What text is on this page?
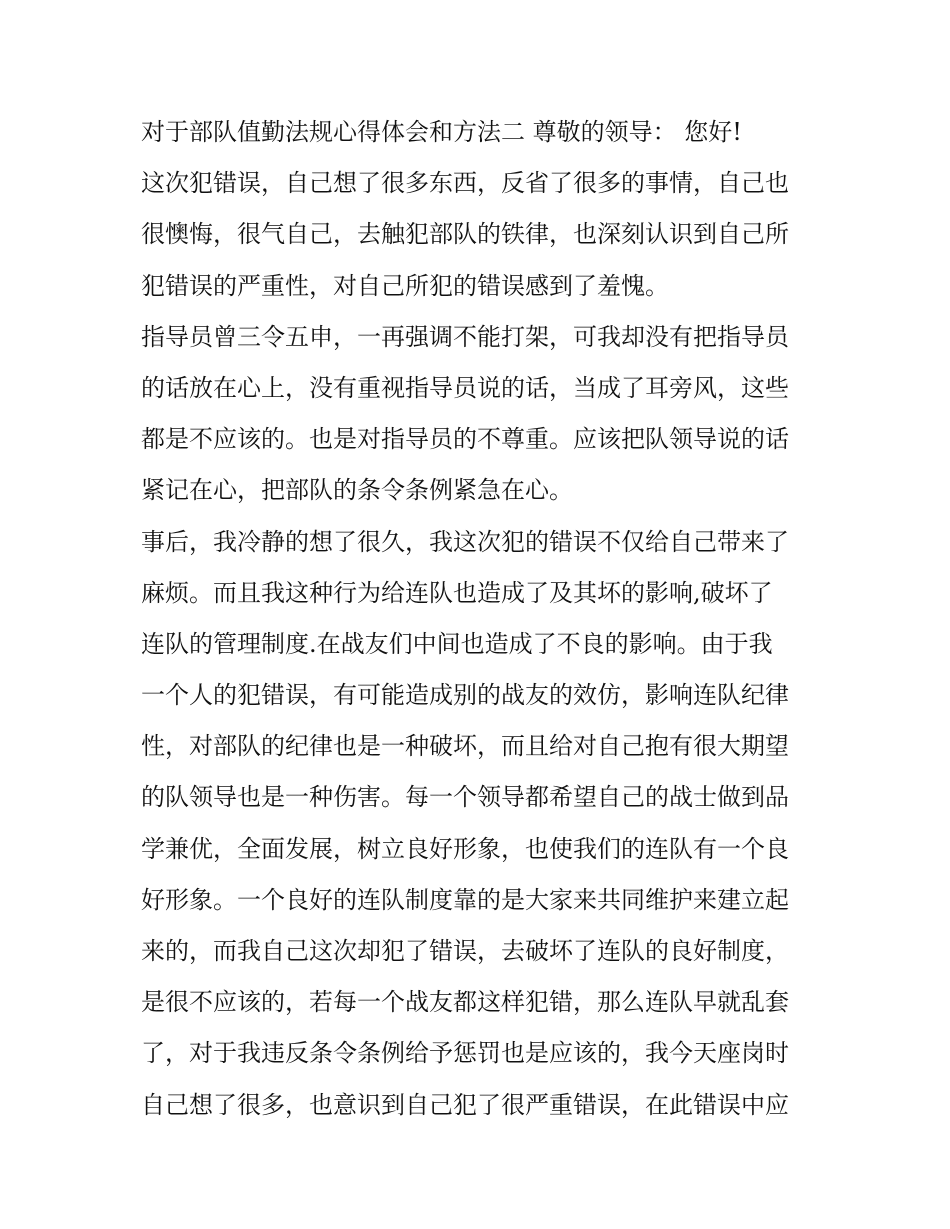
对于部队值勤法规心得体会和方法二 尊敬的领导： 您好!
这次犯错误，自己想了很多东西，反省了很多的事情，自己也
很懊悔，很气自己，去触犯部队的铁律，也深刻认识到自己所
犯错误的严重性，对自己所犯的错误感到了羞愧。
指导员曾三令五申，一再强调不能打架，可我却没有把指导员
的话放在心上，没有重视指导员说的话，当成了耳旁风，这些
都是不应该的。也是对指导员的不尊重。应该把队领导说的话
紧记在心，把部队的条令条例紧急在心。
事后，我冷静的想了很久，我这次犯的错误不仅给自己带来了
麻烦。而且我这种行为给连队也造成了及其坏的影响,破坏了
连队的管理制度.在战友们中间也造成了不良的影响。由于我
一个人的犯错误，有可能造成别的战友的效仿，影响连队纪律
性，对部队的纪律也是一种破坏，而且给对自己抱有很大期望
的队领导也是一种伤害。每一个领导都希望自己的战士做到品
学兼优，全面发展，树立良好形象，也使我们的连队有一个良
好形象。一个良好的连队制度靠的是大家来共同维护来建立起
来的，而我自己这次却犯了错误，去破坏了连队的良好制度，
是很不应该的，若每一个战友都这样犯错，那么连队早就乱套
了，对于我违反条令条例给予惩罚也是应该的，我今天座岗时
自己想了很多，也意识到自己犯了很严重错误，在此错误中应
